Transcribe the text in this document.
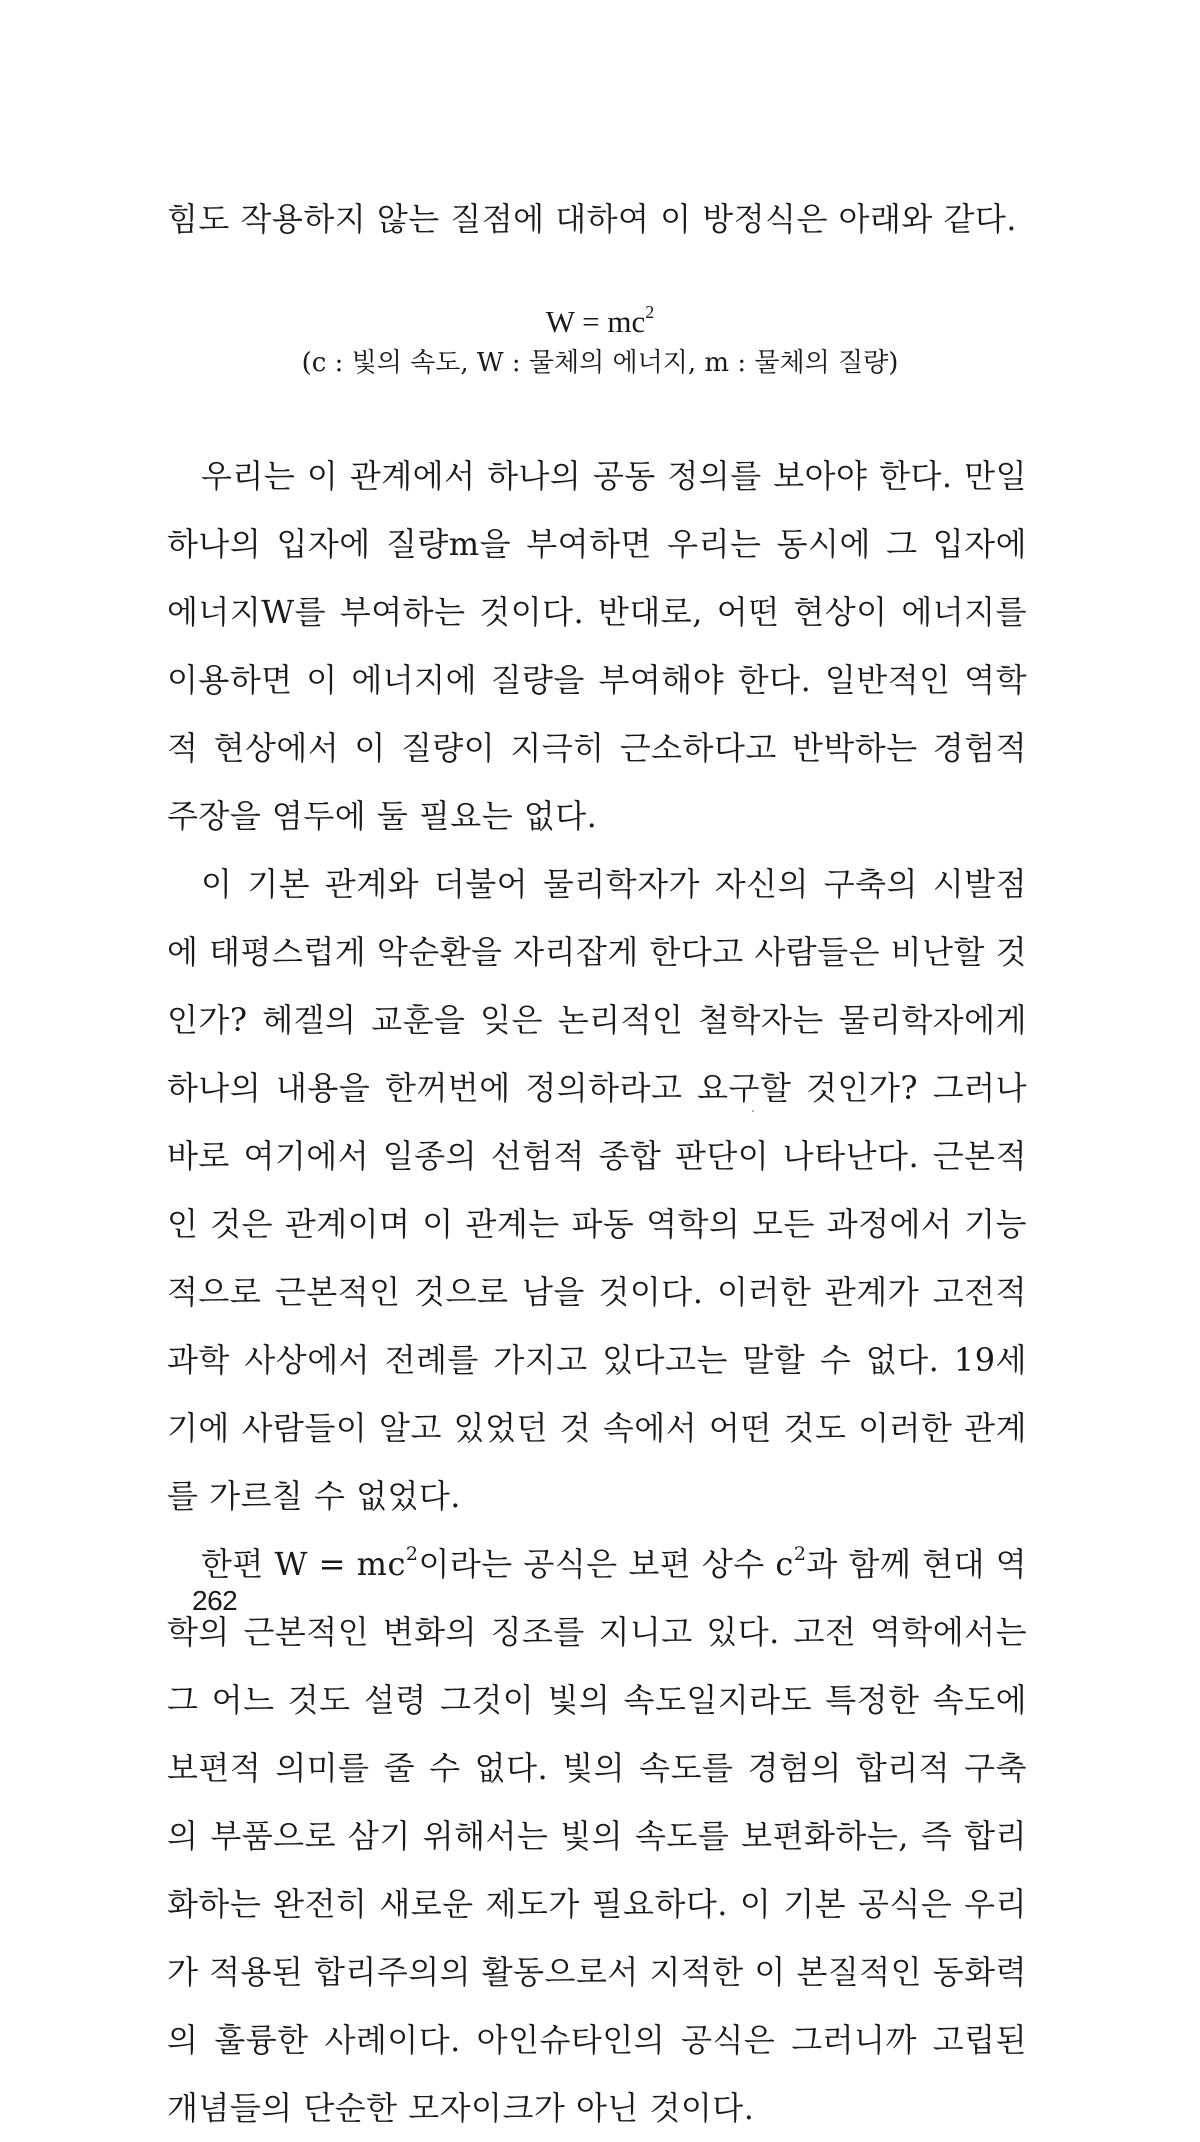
힘도 작용하지 않는 질점에 대하여 이 방정식은 아래와 같다.
$W = mc^2$
(c : 빛의 속도, W : 물체의 에너지, m : 물체의 질량)

우리는 이 관계에서 하나의 공동 정의를 보아야 한다. 만일 하나의 입자에 질량m을 부여하면 우리는 동시에 그 입자에 에너지W를 부여하는 것이다. 반대로, 어떤 현상이 에너지를 이용하면 이 에너지에 질량을 부여해야 한다. 일반적인 역학적 현상에서 이 질량이 지극히 근소하다고 반박하는 경험적 주장을 염두에 둘 필요는 없다.

이 기본 관계와 더불어 물리학자가 자신의 구축의 시발점에 태평스럽게 악순환을 자리잡게 한다고 사람들은 비난할 것인가? 헤겔의 교훈을 잊은 논리적인 철학자는 물리학자에게 하나의 내용을 한꺼번에 정의하라고 요구할 것인가? 그러나 바로 여기에서 일종의 선험적 종합 판단이 나타난다. 근본적인 것은 관계이며 이 관계는 파동 역학의 모든 과정에서 기능적으로 근본적인 것으로 남을 것이다. 이러한 관계가 고전적 과학 사상에서 전례를 가지고 있다고는 말할 수 없다. 19세기에 사람들이 알고 있었던 것 속에서 어떤 것도 이러한 관계를 가르칠 수 없었다.

한편 $W = mc^2$이라는 공식은 보편 상수 $c^2$과 함께 현대 역학의 근본적인 변화의 징조를 지니고 있다. 고전 역학에서는 그 어느 것도 설령 그것이 빛의 속도일지라도 특정한 속도에 보편적 의미를 줄 수 없다. 빛의 속도를 경험의 합리적 구축의 부품으로 삼기 위해서는 빛의 속도를 보편화하는, 즉 합리화하는 완전히 새로운 제도가 필요하다. 이 기본 공식은 우리가 적용된 합리주의의 활동으로서 지적한 이 본질적인 동화력의 훌륭한 사례이다. 아인슈타인의 공식은 그러니까 고립된 개념들의 단순한 모자이크가 아닌 것이다.

262
